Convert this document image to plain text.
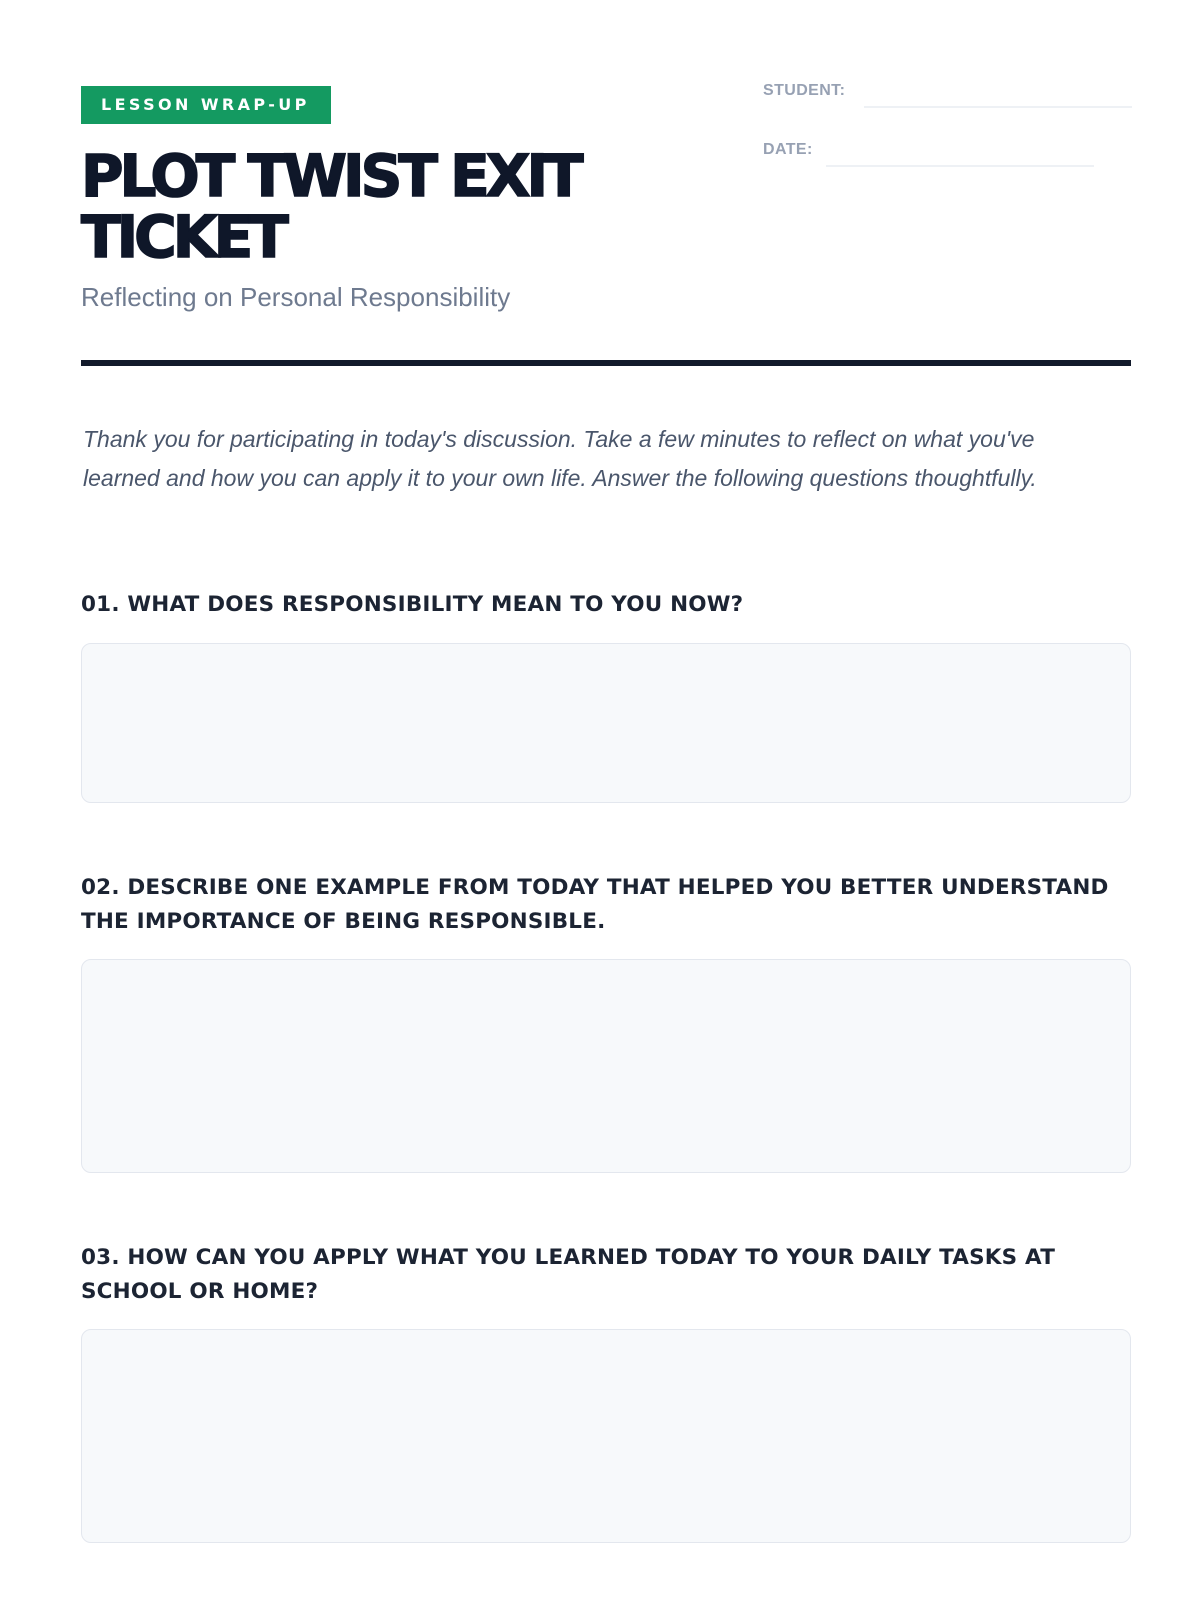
LESSON WRAP-UP
PLOT TWIST EXIT TICKET

Reflecting on Personal Responsibility

STUDENT:
DATE:

Thank you for participating in today's discussion. Take a few minutes to reflect on what you've learned and how you can apply it to your own life. Answer the following questions thoughtfully.

01. WHAT DOES RESPONSIBILITY MEAN TO YOU NOW?

02. DESCRIBE ONE EXAMPLE FROM TODAY THAT HELPED YOU BETTER UNDERSTAND THE IMPORTANCE OF BEING RESPONSIBLE.

03. HOW CAN YOU APPLY WHAT YOU LEARNED TODAY TO YOUR DAILY TASKS AT SCHOOL OR HOME?
